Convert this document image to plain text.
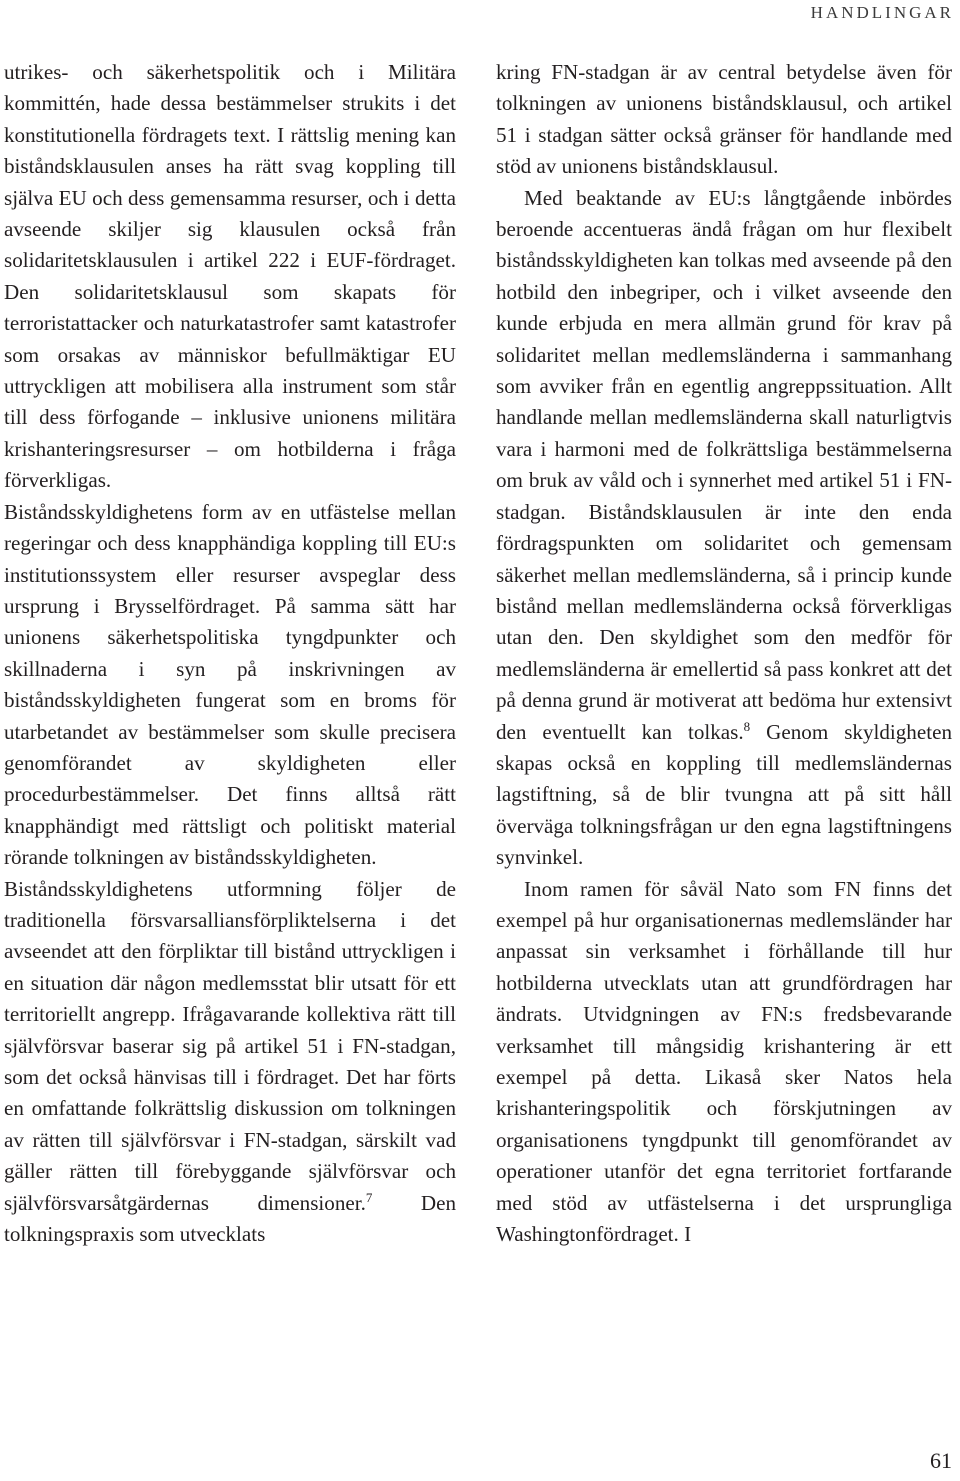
HANDLINGAR

utrikes- och säkerhetspolitik och i Militära kommittén, hade dessa bestämmelser strukits i det konstitutionella fördragets text. I rättslig mening kan biståndsklausulen anses ha rätt svag koppling till själva EU och dess gemensamma resurser, och i detta avseende skiljer sig klausulen också från solidaritetsklausulen i artikel 222 i EUF-fördraget. Den solidaritetsklausul som skapats för terroristattacker och naturkatastrofer samt katastrofer som orsakas av människor befullmäktigar EU uttryckligen att mobilisera alla instrument som står till dess förfogande – inklusive unionens militära krishanteringsresurser – om hotbilderna i fråga förverkligas.

Biståndsskyldighetens form av en utfästelse mellan regeringar och dess knapphändiga koppling till EU:s institutionssystem eller resurser avspeglar dess ursprung i Brysselfördraget. På samma sätt har unionens säkerhetspolitiska tyngdpunkter och skillnaderna i syn på inskrivningen av biståndsskyldigheten fungerat som en broms för utarbetandet av bestämmelser som skulle precisera genomförandet av skyldigheten eller procedurbestämmelser. Det finns alltså rätt knapphändigt med rättsligt och politiskt material rörande tolkningen av biståndsskyldigheten.

Biståndsskyldighetens utformning följer de traditionella försvarsalliansförpliktelserna i det avseendet att den förpliktar till bistånd uttryckligen i en situation där någon medlemsstat blir utsatt för ett territoriellt angrepp. Ifrågavarande kollektiva rätt till självförsvar baserar sig på artikel 51 i FN-stadgan, som det också hänvisas till i fördraget. Det har förts en omfattande folkrättslig diskussion om tolkningen av rätten till självförsvar i FN-stadgan, särskilt vad gäller rätten till förebyggande självförsvar och självförsvarsåtgärdernas dimensioner.$^7$ Den tolkningspraxis som utvecklats

kring FN-stadgan är av central betydelse även för tolkningen av unionens biståndsklausul, och artikel 51 i stadgan sätter också gränser för handlande med stöd av unionens biståndsklausul.

Med beaktande av EU:s långtgående inbördes beroende accentueras ändå frågan om hur flexibelt biståndsskyldigheten kan tolkas med avseende på den hotbild den inbegriper, och i vilket avseende den kunde erbjuda en mera allmän grund för krav på solidaritet mellan medlemsländerna i sammanhang som avviker från en egentlig angreppssituation. Allt handlande mellan medlemsländerna skall naturligtvis vara i harmoni med de folkrättsliga bestämmelserna om bruk av våld och i synnerhet med artikel 51 i FN-stadgan. Biståndsklausulen är inte den enda fördragspunkten om solidaritet och gemensam säkerhet mellan medlemsländerna, så i princip kunde bistånd mellan medlemsländerna också förverkligas utan den. Den skyldighet som den medför för medlemsländerna är emellertid så pass konkret att det på denna grund är motiverat att bedöma hur extensivt den eventuellt kan tolkas.$^8$ Genom skyldigheten skapas också en koppling till medlemsländernas lagstiftning, så de blir tvungna att på sitt håll överväga tolkningsfrågan ur den egna lagstiftningens synvinkel.

Inom ramen för såväl Nato som FN finns det exempel på hur organisationernas medlemsländer har anpassat sin verksamhet i förhållande till hur hotbilderna utvecklats utan att grundfördragen har ändrats. Utvidgningen av FN:s fredsbevarande verksamhet till mångsidig krishantering är ett exempel på detta. Likaså sker Natos hela krishanteringspolitik och förskjutningen av organisationens tyngdpunkt till genomförandet av operationer utanför det egna territoriet fortfarande med stöd av utfästelserna i det ursprungliga Washingtonfördraget. I

61
